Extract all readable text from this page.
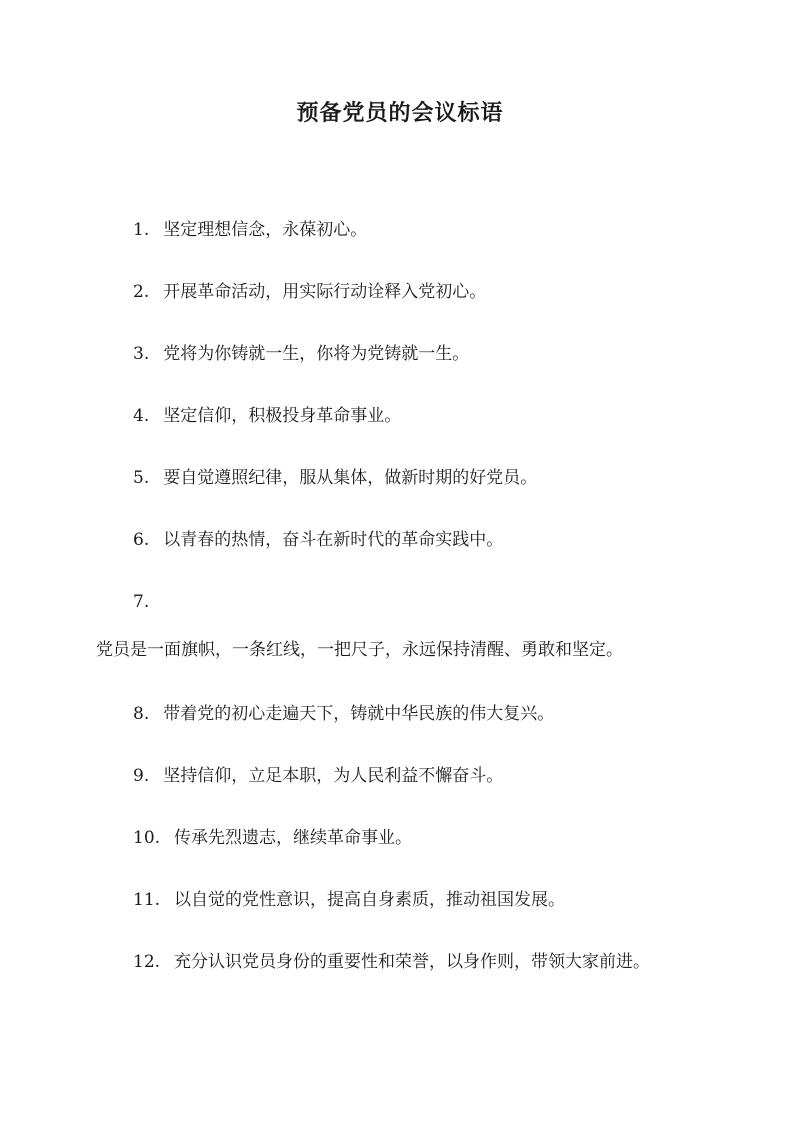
预备党员的会议标语
1. 坚定理想信念，永葆初心。
2. 开展革命活动，用实际行动诠释入党初心。
3. 党将为你铸就一生，你将为党铸就一生。
4. 坚定信仰，积极投身革命事业。
5. 要自觉遵照纪律，服从集体，做新时期的好党员。
6. 以青春的热情，奋斗在新时代的革命实践中。
7.
党员是一面旗帜，一条红线，一把尺子，永远保持清醒、勇敢和坚定。
8. 带着党的初心走遍天下，铸就中华民族的伟大复兴。
9. 坚持信仰，立足本职，为人民利益不懈奋斗。
10. 传承先烈遗志，继续革命事业。
11. 以自觉的党性意识，提高自身素质，推动祖国发展。
12. 充分认识党员身份的重要性和荣誉，以身作则，带领大家前进。
